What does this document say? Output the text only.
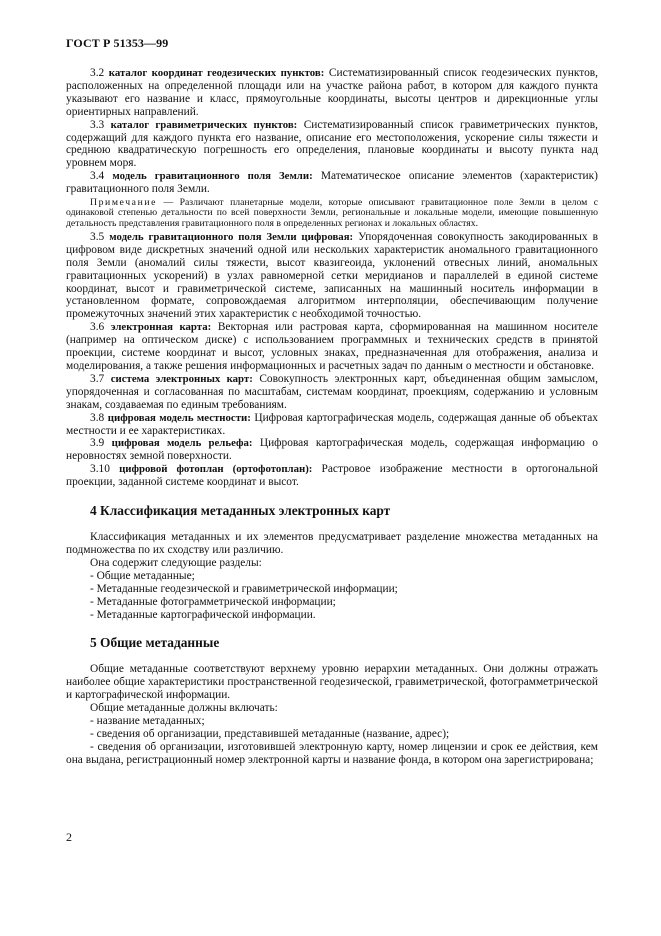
ГОСТ Р 51353—99

3.2 каталог координат геодезических пунктов: Систематизированный список геодезических пунктов, расположенных на определенной площади или на участке района работ, в котором для каждого пункта указывают его название и класс, прямоугольные координаты, высоты центров и дирекционные углы ориентирных направлений.

3.3 каталог гравиметрических пунктов: Систематизированный список гравиметрических пунктов, содержащий для каждого пункта его название, описание его местоположения, ускорение силы тяжести и среднюю квадратическую погрешность его определения, плановые координаты и высоту пункта над уровнем моря.

3.4 модель гравитационного поля Земли: Математическое описание элементов (характеристик) гравитационного поля Земли.

Примечание — Различают планетарные модели, которые описывают гравитационное поле Земли в целом с одинаковой степенью детальности по всей поверхности Земли, региональные и локальные модели, имеющие повышенную детальность представления гравитационного поля в определенных регионах и локальных областях.

3.5 модель гравитационного поля Земли цифровая: Упорядоченная совокупность закодированных в цифровом виде дискретных значений одной или нескольких характеристик аномального гравитационного поля Земли (аномалий силы тяжести, высот квазигеоида, уклонений отвесных линий, аномальных гравитационных ускорений) в узлах равномерной сетки меридианов и параллелей в единой системе координат, высот и гравиметрической системе, записанных на машинный носитель информации в установленном формате, сопровождаемая алгоритмом интерполяции, обеспечивающим получение промежуточных значений этих характеристик с необходимой точностью.

3.6 электронная карта: Векторная или растровая карта, сформированная на машинном носителе (например на оптическом диске) с использованием программных и технических средств в принятой проекции, системе координат и высот, условных знаках, предназначенная для отображения, анализа и моделирования, а также решения информационных и расчетных задач по данным о местности и обстановке.

3.7 система электронных карт: Совокупность электронных карт, объединенная общим замыслом, упорядоченная и согласованная по масштабам, системам координат, проекциям, содержанию и условным знакам, создаваемая по единым требованиям.

3.8 цифровая модель местности: Цифровая картографическая модель, содержащая данные об объектах местности и ее характеристиках.

3.9 цифровая модель рельефа: Цифровая картографическая модель, содержащая информацию о неровностях земной поверхности.

3.10 цифровой фотоплан (ортофотоплан): Растровое изображение местности в ортогональной проекции, заданной системе координат и высот.

4 Классификация метаданных электронных карт

Классификация метаданных и их элементов предусматривает разделение множества метаданных на подмножества по их сходству или различию.

Она содержит следующие разделы:

- Общие метаданные;

- Метаданные геодезической и гравиметрической информации;

- Метаданные фотограмметрической информации;

- Метаданные картографической информации.

5 Общие метаданные

Общие метаданные соответствуют верхнему уровню иерархии метаданных. Они должны отражать наиболее общие характеристики пространственной геодезической, гравиметрической, фотограмметрической и картографической информации.

Общие метаданные должны включать:

- название метаданных;

- сведения об организации, представившей метаданные (название, адрес);

- сведения об организации, изготовившей электронную карту, номер лицензии и срок ее действия, кем она выдана, регистрационный номер электронной карты и название фонда, в котором она зарегистрирована;

2
